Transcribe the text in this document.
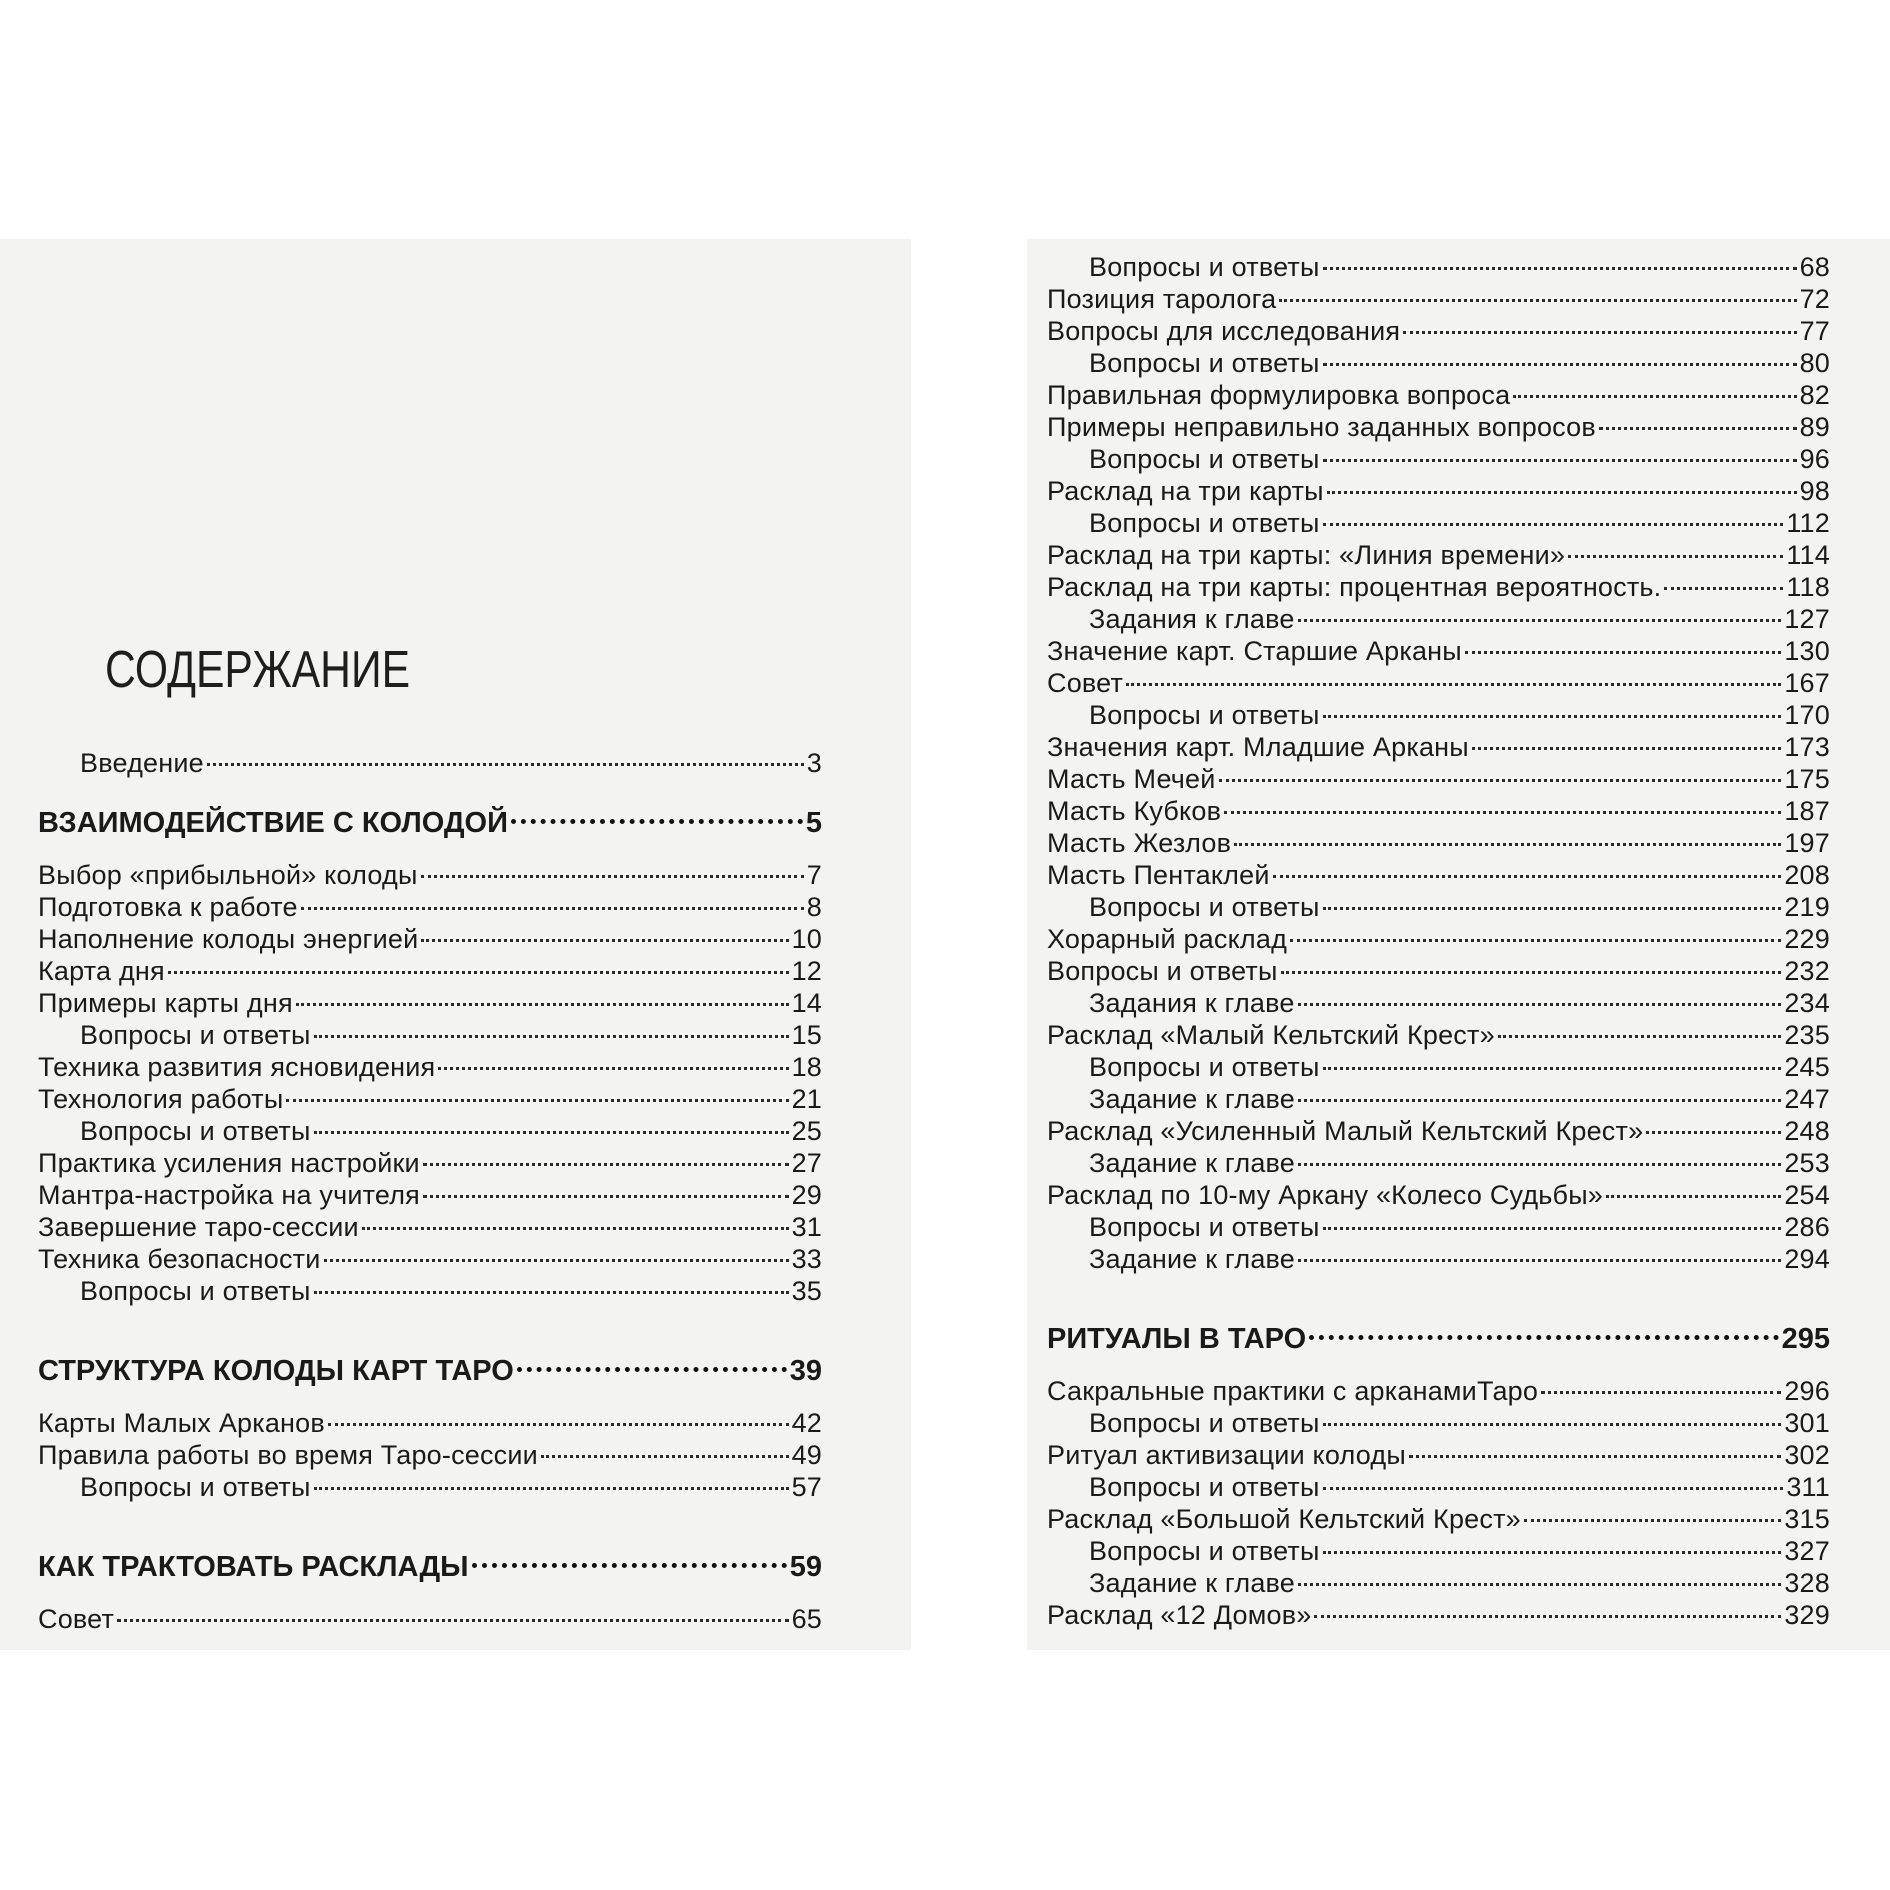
СОДЕРЖАНИЕ
Введение	3
ВЗАИМОДЕЙСТВИЕ С КОЛОДОЙ	5
Выбор «прибыльной» колоды	7
Подготовка к работе	8
Наполнение колоды энергией	10
Карта дня	12
Примеры карты дня	14
Вопросы и ответы	15
Техника развития ясновидения	18
Технология работы	21
Вопросы и ответы	25
Практика усиления настройки	27
Мантра-настройка на учителя	29
Завершение таро-сессии	31
Техника безопасности	33
Вопросы и ответы	35
СТРУКТУРА КОЛОДЫ КАРТ ТАРО	39
Карты Малых Арканов	42
Правила работы во время Таро-сессии	49
Вопросы и ответы	57
КАК ТРАКТОВАТЬ РАСКЛАДЫ	59
Совет	65
Вопросы и ответы	68
Позиция таролога	72
Вопросы для исследования	77
Вопросы и ответы	80
Правильная формулировка вопроса	82
Примеры неправильно заданных вопросов	89
Вопросы и ответы	96
Расклад на три карты	98
Вопросы и ответы	112
Расклад на три карты: «Линия времени»	114
Расклад на три карты: процентная вероятность.	118
Задания к главе	127
Значение карт. Старшие Арканы	130
Совет	167
Вопросы и ответы	170
Значения карт. Младшие Арканы	173
Масть Мечей	175
Масть Кубков	187
Масть Жезлов	197
Масть Пентаклей	208
Вопросы и ответы	219
Хорарный расклад	229
Вопросы и ответы	232
Задания к главе	234
Расклад «Малый Кельтский Крест»	235
Вопросы и ответы	245
Задание к главе	247
Расклад «Усиленный Малый Кельтский Крест»	248
Задание к главе	253
Расклад по 10-му Аркану «Колесо Судьбы»	254
Вопросы и ответы	286
Задание к главе	294
РИТУАЛЫ В ТАРО	295
Сакральные практики с арканамиТаро	296
Вопросы и ответы	301
Ритуал активизации колоды	302
Вопросы и ответы	311
Расклад «Большой Кельтский Крест»	315
Вопросы и ответы	327
Задание к главе	328
Расклад «12 Домов»	329
